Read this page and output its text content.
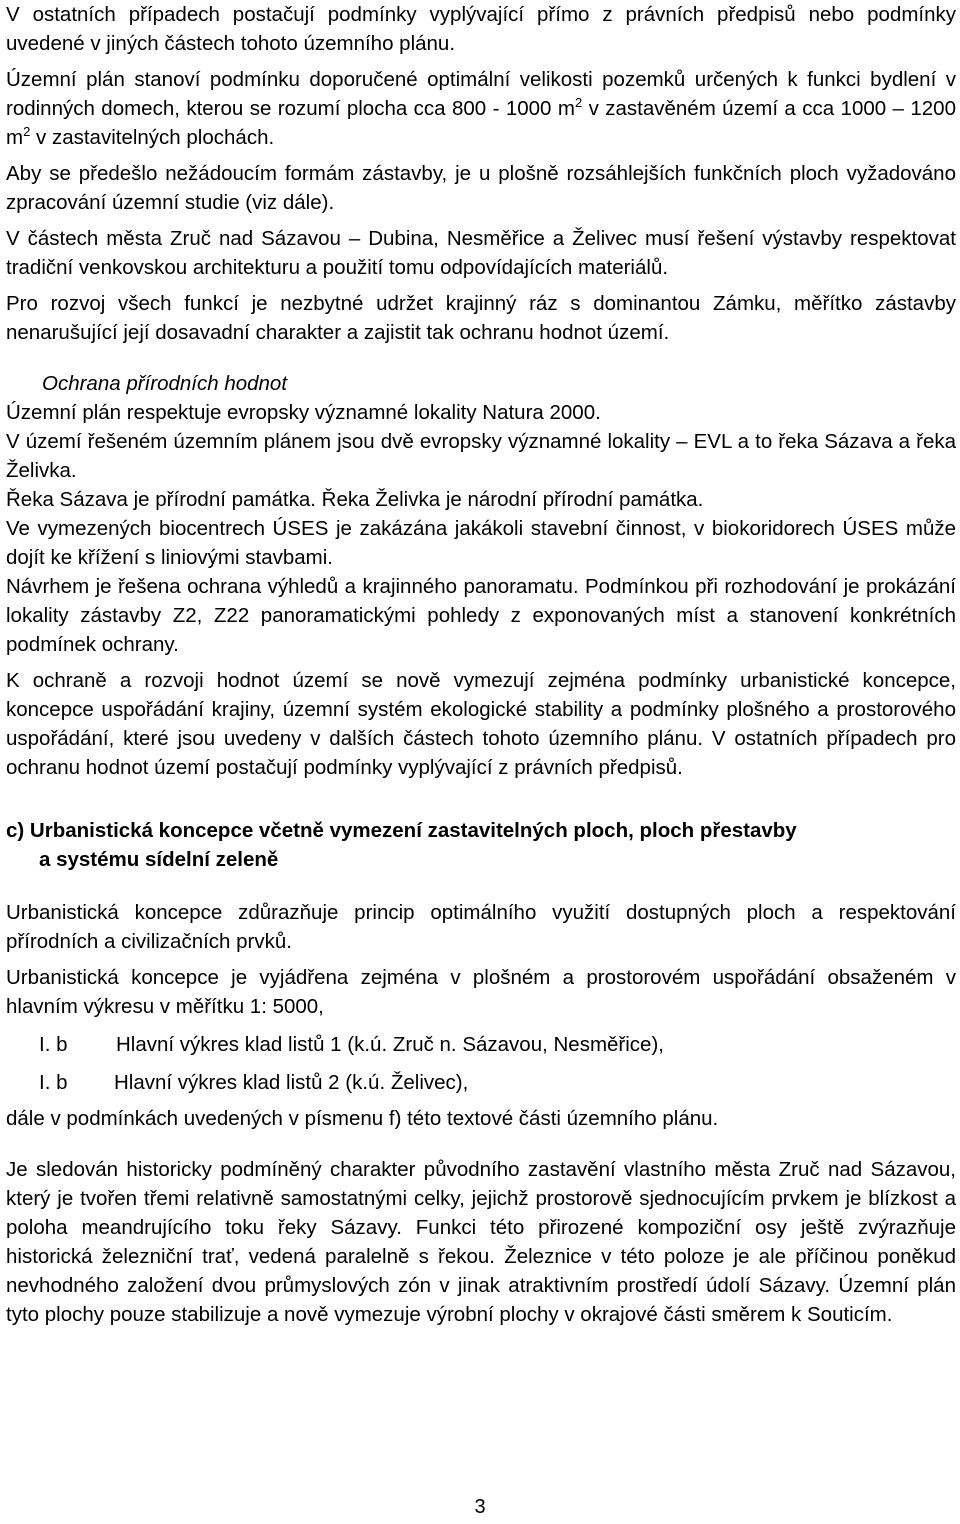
V ostatních případech postačují podmínky vyplývající přímo z právních předpisů nebo podmínky uvedené v jiných částech tohoto územního plánu.

Územní plán stanoví podmínku doporučené optimální velikosti pozemků určených k funkci bydlení v rodinných domech, kterou se rozumí plocha cca 800 - 1000 $m^2$ v zastavěném území a cca 1000 – 1200 $m^2$ v zastavitelných plochách.

Aby se předešlo nežádoucím formám zástavby, je u plošně rozsáhlejších funkčních ploch vyžadováno zpracování územní studie (viz dále).

V částech města Zruč nad Sázavou – Dubina, Nesměřice a Želivec musí řešení výstavby respektovat tradiční venkovskou architekturu a použití tomu odpovídajících materiálů.

Pro rozvoj všech funkcí je nezbytné udržet krajinný ráz s dominantou Zámku, měřítko zástavby nenarušující její dosavadní charakter a zajistit tak ochranu hodnot území.

Ochrana přírodních hodnot

Územní plán respektuje evropsky významné lokality Natura 2000.

V území řešeném územním plánem jsou dvě evropsky významné lokality – EVL a to řeka Sázava a řeka Želivka.

Řeka Sázava je přírodní památka. Řeka Želivka je národní přírodní památka.

Ve vymezených biocentrech ÚSES je zakázána jakákoli stavební činnost, v biokoridorech ÚSES může dojít ke křížení s liniovými stavbami.

Návrhem je řešena ochrana výhledů a krajinného panoramatu. Podmínkou při rozhodování je prokázání lokality zástavby Z2, Z22 panoramatickými pohledy z exponovaných míst a stanovení konkrétních podmínek ochrany.

K ochraně a rozvoji hodnot území se nově vymezují zejména podmínky urbanistické koncepce, koncepce uspořádání krajiny, územní systém ekologické stability a podmínky plošného a prostorového uspořádání, které jsou uvedeny v dalších částech tohoto územního plánu. V ostatních případech pro ochranu hodnot území postačují podmínky vyplývající z právních předpisů.

c) Urbanistická koncepce včetně vymezení zastavitelných ploch, ploch přestavby
a systému sídelní zeleně

Urbanistická koncepce zdůrazňuje princip optimálního využití dostupných ploch a respektování přírodních a civilizačních prvků.

Urbanistická koncepce je vyjádřena zejména v plošném a prostorovém uspořádání obsaženém v hlavním výkresu v měřítku 1: 5000,

I. b	Hlavní výkres klad listů 1 (k.ú. Zruč n. Sázavou, Nesměřice),
I. b	Hlavní výkres klad listů 2 (k.ú. Želivec),

dále v podmínkách uvedených v písmenu f) této textové části územního plánu.

Je sledován historicky podmíněný charakter původního zastavění vlastního města Zruč nad Sázavou, který je tvořen třemi relativně samostatnými celky, jejichž prostorově sjednocujícím prvkem je blízkost a poloha meandrujícího toku řeky Sázavy. Funkci této přirozené kompoziční osy ještě zvýrazňuje historická železniční trať, vedená paralelně s řekou. Železnice v této poloze je ale příčinou poněkud nevhodného založení dvou průmyslových zón v jinak atraktivním prostředí údolí Sázavy. Územní plán tyto plochy pouze stabilizuje a nově vymezuje výrobní plochy v okrajové části směrem k Souticím.

3
